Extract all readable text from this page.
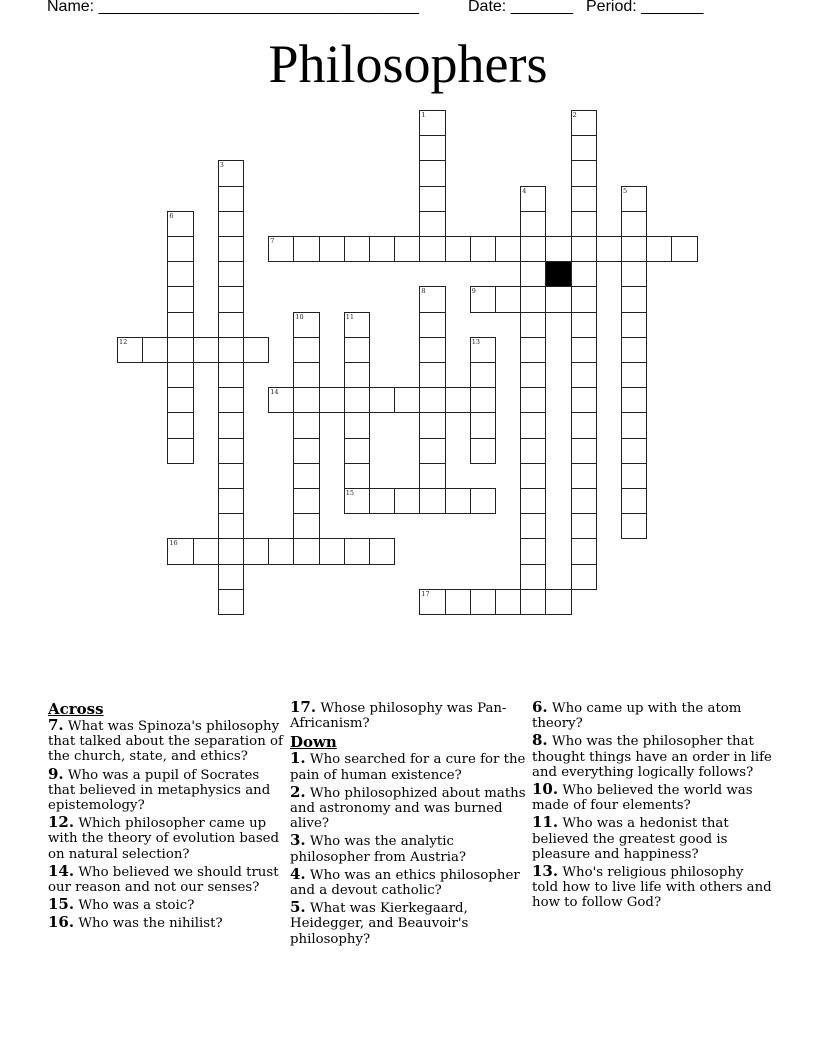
Name: ____________________________________	Date: _______ Period: _______
Philosophers
1	2
3
4	5
6
7
8	9
10	11
15
12	13
14
16
17
Across
7. What was Spinoza's philosophy that talked about the separation of the church, state, and ethics?
9. Who was a pupil of Socrates that believed in metaphysics and epistemology?
12. Which philosopher came up with the theory of evolution based on natural selection?
14. Who believed we should trust our reason and not our senses?
15. Who was a stoic?
16. Who was the nihilist?
17. Whose philosophy was Pan-Africanism?
Down
1. Who searched for a cure for the pain of human existence?
2. Who philosophized about maths and astronomy and was burned alive?
3. Who was the analytic philosopher from Austria?
4. Who was an ethics philosopher and a devout catholic?
5. What was Kierkegaard, Heidegger, and Beauvoir's philosophy?
6. Who came up with the atom theory?
8. Who was the philosopher that thought things have an order in life and everything logically follows?
10. Who believed the world was made of four elements?
11. Who was a hedonist that believed the greatest good is pleasure and happiness?
13. Who's religious philosophy told how to live life with others and how to follow God?
